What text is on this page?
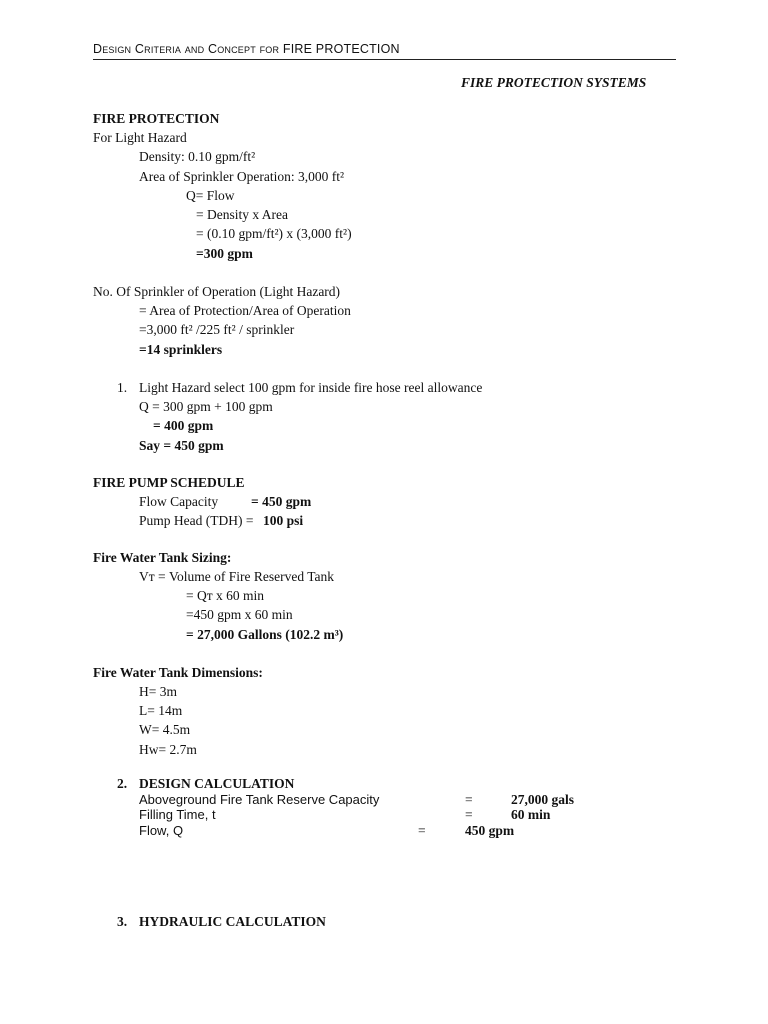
Design Criteria and Concept for FIRE PROTECTION
FIRE PROTECTION SYSTEMS
FIRE PROTECTION
For Light Hazard
Density: 0.10 gpm/ft²
Area of Sprinkler Operation: 3,000 ft²
Q= Flow
= Density x Area
= (0.10 gpm/ft²) x (3,000 ft²)
=300 gpm
No. Of Sprinkler of Operation (Light Hazard)
= Area of Protection/Area of Operation
=3,000 ft² /225 ft² / sprinkler
=14 sprinklers
1. Light Hazard select 100 gpm for inside fire hose reel allowance
Q = 300 gpm + 100 gpm
= 400 gpm
Say = 450 gpm
FIRE PUMP SCHEDULE
Flow Capacity = 450 gpm
Pump Head (TDH) = 100 psi
Fire Water Tank Sizing:
Vт = Volume of Fire Reserved Tank
= Qт x 60 min
=450 gpm x 60 min
= 27,000 Gallons (102.2 m³)
Fire Water Tank Dimensions:
H= 3m
L= 14m
W= 4.5m
Hw= 2.7m
2. DESIGN CALCULATION
Aboveground Fire Tank Reserve Capacity	=	27,000 gals
Filling Time, t	=	60 min
Flow, Q	=	450 gpm
3. HYDRAULIC CALCULATION
